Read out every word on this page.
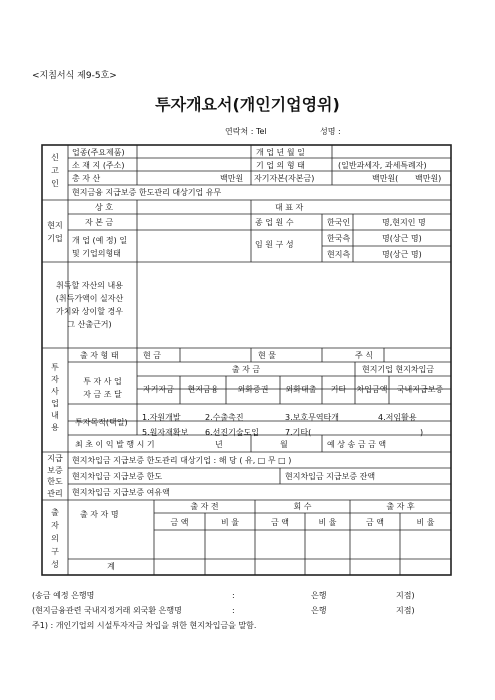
<지침서식 제9-5호>
투자개요서(개인기업영위)
연락처 : Tel	성명 :
신
고
인
업종(주요제품)	개 업 년 월 일
소 재 지 (주소)	기 업 의 형 태	(일반과세자, 과세특례자)
총 자 산	백만원 자기자본(자본금)	백만원( 백만원)
현지금융 지급보증 한도관리 대상기업 유무
현지
기업
상 호	대 표 자
자 본 금	종 업 원 수	한국인	명,현지인 명
개 업 (예 정) 일
및 기업의형태
임 원 구 성
한국측	명(상근 명)
현지측	명(상근 명)
취득할 자산의 내용
(취득가액이 실자산
가치와 상이할 경우
그 산출근거)
투
자
사
업
내
용
출 자 형 태	현 금	현 물	주 식
투 자 사 업
자 금 조 달
출 자 금	현지기업 현지차입금
자기자금	현지금융	외화증권	외화대출	기타	차입금액	국내지급보증
투자목적(택일)
1.자원개발	2.수출촉진	3.보호무역타개	4.저임활용
5.원자재확보 6.선진기술도입	7.기타(	)
최 초 이 익 발 행 시 기	년	월	예 상 송 금 금 액
지급
보증
한도
관리
현지차입금 지급보증 한도관리 대상기업 : 해 당 ( 유, □ 무 □ )
현지차입금 지급보증 한도	현지차입금 지급보증 잔액
현지차입금 지급보증 여유액
출
자
의
구
성
출 자 자 명
출 자 전	회 수	출 자 후
금 액	비 율	금 액	비 율	금 액	비 율
계
(송금 예정 은행명	:	은행	지점)
(현지금융관련 국내지정거래 외국환 은행명	:	은행	지점)
주1) : 개인기업의 시설투자자금 차입을 위한 현지차입금을 말함.
